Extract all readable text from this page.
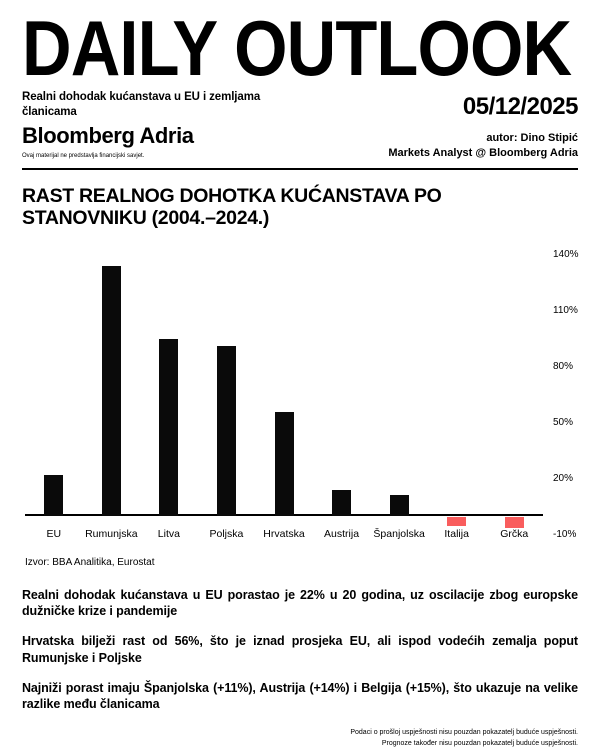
DAILY OUTLOOK
Realni dohodak kućanstava u EU i zemljama
članicama
Bloomberg Adria
Ovaj materijal ne predstavlja financijski savjet.
05/12/2025
autor: Dino Stipić
Markets Analyst @ Bloomberg Adria
RAST REALNOG DOHOTKA KUĆANSTAVA PO
STANOVNIKU (2004.–2024.)
EU	Rumunjska	Litva	Poljska	Hrvatska	Austrija	Španjolska	Italija	Grčka
140%
110%
80%
50%
20%
-10%
Izvor: BBA Analitika, Eurostat

Realni dohodak kućanstava u EU porastao je 22% u 20 godina, uz oscilacije zbog europske dužničke krize i pandemije

Hrvatska bilježi rast od 56%, što je iznad prosjeka EU, ali ispod vodećih zemalja poput Rumunjske i Poljske

Najniži porast imaju Španjolska (+11%), Austrija (+14%) i Belgija (+15%), što ukazuje na velike razlike među članicama

Podaci o prošloj uspješnosti nisu pouzdan pokazatelj buduće uspješnosti.
Prognoze također nisu pouzdan pokazatelj buduće uspješnosti.
